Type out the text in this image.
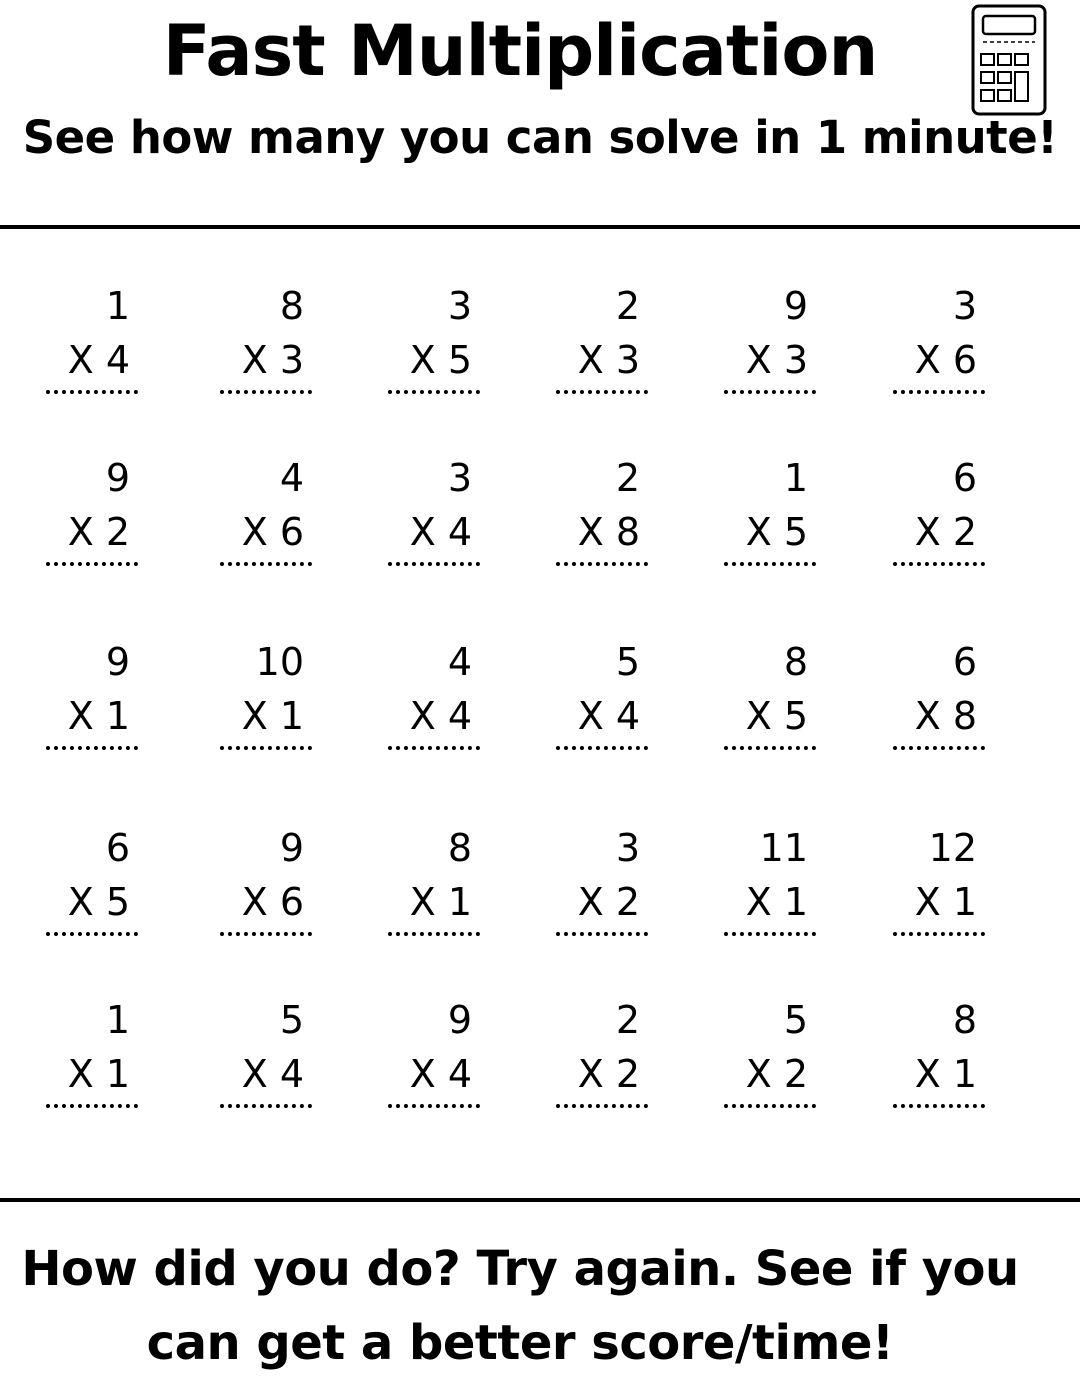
Fast Multiplication
See how many you can solve in 1 minute!
1
X 4
8
X 3
3
X 5
2
X 3
9
X 3
3
X 6
9
X 2
4
X 6
3
X 4
2
X 8
1
X 5
6
X 2
9
X 1
10
X 1
4
X 4
5
X 4
8
X 5
6
X 8
6
X 5
9
X 6
8
X 1
3
X 2
11
X 1
12
X 1
1
X 1
5
X 4
9
X 4
2
X 2
5
X 2
8
X 1
How did you do? Try again. See if you
can get a better score/time!
